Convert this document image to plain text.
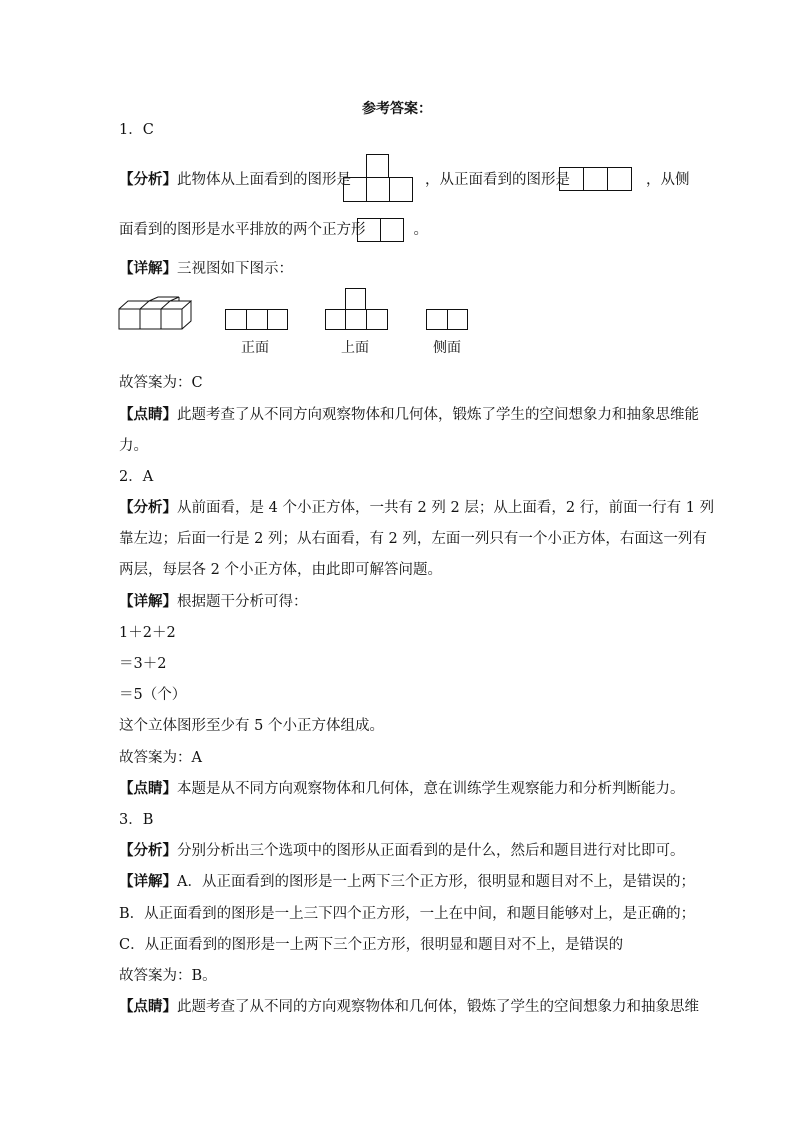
参考答案：
1．C
【分析】此物体从上面看到的图形是	，从正面看到的图形是	，从侧
面看到的图形是水平排放的两个正方形	。
【详解】三视图如下图示：
正面	上面	侧面
故答案为：C
【点睛】此题考查了从不同方向观察物体和几何体，锻炼了学生的空间想象力和抽象思维能
力。
2．A
【分析】从前面看，是 4 个小正方体，一共有 2 列 2 层；从上面看，2 行，前面一行有 1 列
靠左边；后面一行是 2 列；从右面看，有 2 列，左面一列只有一个小正方体，右面这一列有
两层，每层各 2 个小正方体，由此即可解答问题。
【详解】根据题干分析可得：
1＋2＋2
＝3＋2
＝5（个）
这个立体图形至少有 5 个小正方体组成。
故答案为：A
【点睛】本题是从不同方向观察物体和几何体，意在训练学生观察能力和分析判断能力。
3．B
【分析】分别分析出三个选项中的图形从正面看到的是什么，然后和题目进行对比即可。
【详解】A．从正面看到的图形是一上两下三个正方形，很明显和题目对不上，是错误的；
B．从正面看到的图形是一上三下四个正方形，一上在中间，和题目能够对上，是正确的；
C．从正面看到的图形是一上两下三个正方形，很明显和题目对不上，是错误的
故答案为：B。
【点睛】此题考查了从不同的方向观察物体和几何体，锻炼了学生的空间想象力和抽象思维
